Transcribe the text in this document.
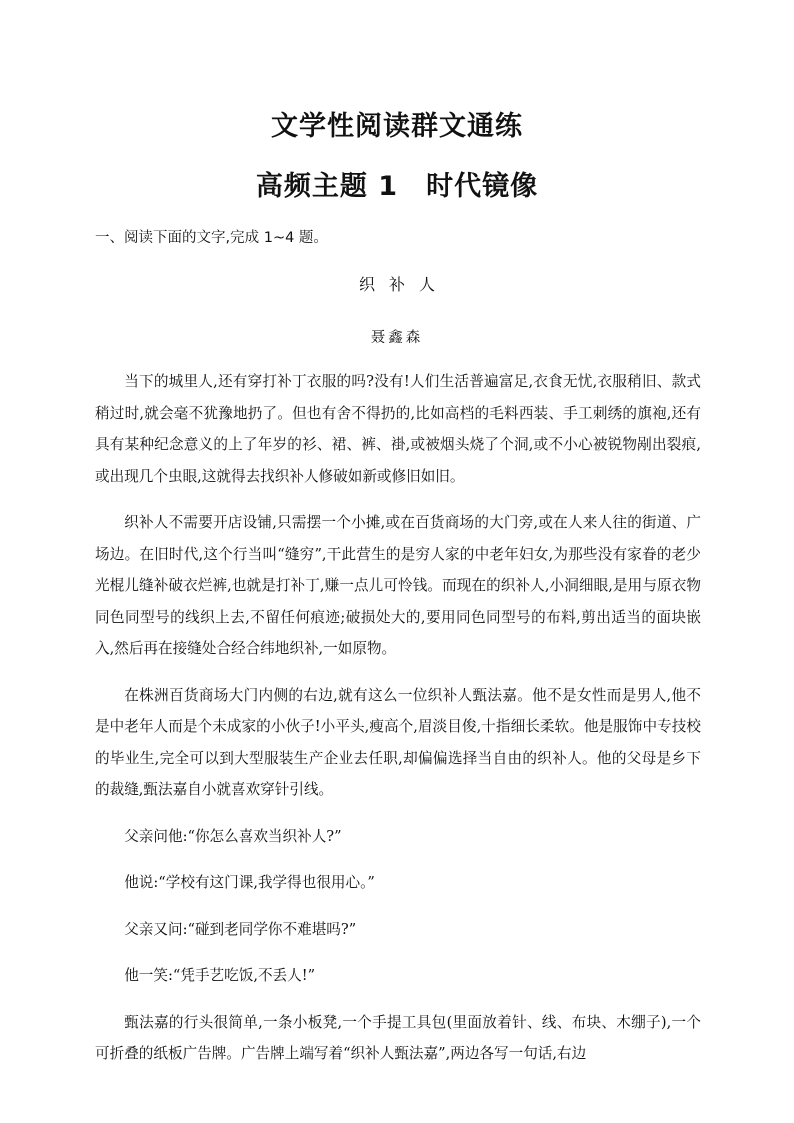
文学性阅读群文通练
高频主题 1　时代镜像

一、阅读下面的文字,完成 1~4 题。

织补人

聂鑫森

当下的城里人,还有穿打补丁衣服的吗?没有!人们生活普遍富足,衣食无忧,衣服稍旧、款式稍过时,就会毫不犹豫地扔了。但也有舍不得扔的,比如高档的毛料西装、手工刺绣的旗袍,还有具有某种纪念意义的上了年岁的衫、裙、裤、褂,或被烟头烧了个洞,或不小心被锐物剐出裂痕,或出现几个虫眼,这就得去找织补人修破如新或修旧如旧。

织补人不需要开店设铺,只需摆一个小摊,或在百货商场的大门旁,或在人来人往的街道、广场边。在旧时代,这个行当叫“缝穷”,干此营生的是穷人家的中老年妇女,为那些没有家眷的老少光棍儿缝补破衣烂裤,也就是打补丁,赚一点儿可怜钱。而现在的织补人,小洞细眼,是用与原衣物同色同型号的线织上去,不留任何痕迹;破损处大的,要用同色同型号的布料,剪出适当的面块嵌入,然后再在接缝处合经合纬地织补,一如原物。

在株洲百货商场大门内侧的右边,就有这么一位织补人甄法嘉。他不是女性而是男人,他不是中老年人而是个未成家的小伙子!小平头,瘦高个,眉淡目俊,十指细长柔软。他是服饰中专技校的毕业生,完全可以到大型服装生产企业去任职,却偏偏选择当自由的织补人。他的父母是乡下的裁缝,甄法嘉自小就喜欢穿针引线。

父亲问他:“你怎么喜欢当织补人?”

他说:“学校有这门课,我学得也很用心。”

父亲又问:“碰到老同学你不难堪吗?”

他一笑:“凭手艺吃饭,不丢人!”

甄法嘉的行头很简单,一条小板凳,一个手提工具包(里面放着针、线、布块、木绷子),一个可折叠的纸板广告牌。广告牌上端写着“织补人甄法嘉”,两边各写一句话,右边
